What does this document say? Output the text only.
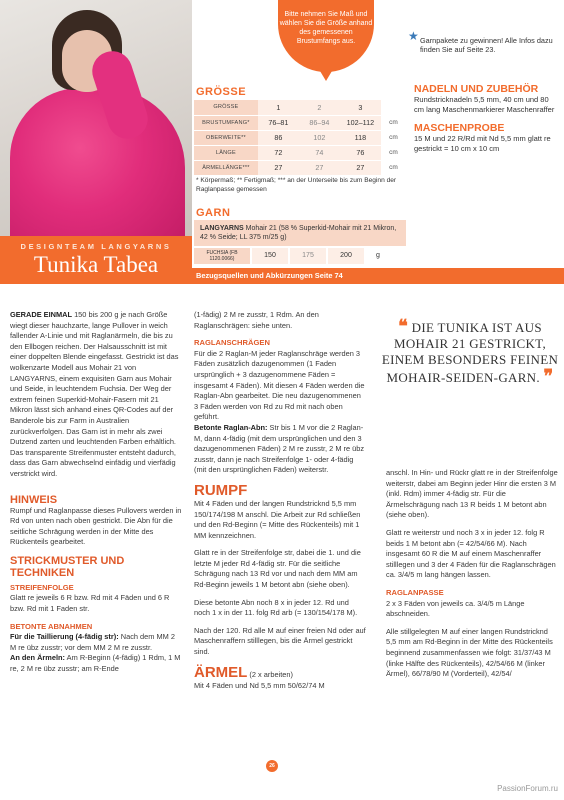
DESIGNTEAM LANGYARNS
Tunika Tabea
Bitte nehmen Sie Maß und wählen Sie die Größe anhand des gemessenen Brustumfangs aus.	★ Garnpakete zu gewinnen! Alle Infos dazu finden Sie auf Seite 23.
GRÖSSE
GRÖSSE	1	2	3	
BRUSTUMFANG*	76–81	86–94	102–112	cm
OBERWEITE**	86	102	118	cm
LÄNGE	72	74	76	cm
ÄRMELLÄNGE***	27	27	27	cm
* Körpermaß; ** Fertigmaß; *** an der Unterseite bis zum Beginn der Raglanpasse gemessen
GARN
LANGYARNS Mohair 21 (58 % Superkid-Mohair mit 21 Mikron, 42 % Seide; LL 375 m/25 g)
FUCHSIA (FB 1120.0066)	150	175	200	g
NADELN UND ZUBEHÖR
Rundstricknadeln 5,5 mm, 40 cm und 80 cm lang Maschenmarkierer Maschenraffer
MASCHENPROBE
15 M und 22 R/Rd mit Nd 5,5 mm glatt re gestrickt = 10 cm x 10 cm
Bezugsquellen und Abkürzungen Seite 74

GERADE EINMAL 150 bis 200 g je nach Größe wiegt dieser hauchzarte, lange Pullover in weich fallender A-Linie und mit Raglanärmeln, die bis zu den Ellbogen reichen. Der Halsausschnitt ist mit einer doppelten Blende eingefasst. Gestrickt ist das wolkenzarte Modell aus Mohair 21 von LANGYARNS, einem exquisiten Garn aus Mohair und Seide, in leuchtendem Fuchsia. Der Weg der extrem feinen Superkid-Mohair-Fasern mit 21 Mikron lässt sich anhand eines QR-Codes auf der Banderole bis zur Farm in Australien zurückverfolgen. Das Garn ist in mehr als zwei Dutzend zarten und leuchtenden Farben erhältlich. Das transparente Streifenmuster entsteht dadurch, dass das Garn abwechselnd einfädig und vierfädig verstrickt wird.

HINWEIS

Rumpf und Raglanpasse dieses Pullovers werden in Rd von unten nach oben gestrickt. Die Abn für die seitliche Schrägung werden in der Mitte des Rückenteils gearbeitet.

STRICKMUSTER UND TECHNIKEN
STREIFENFOLGE

Glatt re jeweils 6 R bzw. Rd mit 4 Fäden und 6 R bzw. Rd mit 1 Faden str.

BETONTE ABNAHMEN
Für die Taillierung (4-fädig str): Nach dem MM 2 M re übz zusstr; vor dem MM 2 M re zusstr.
An den Ärmeln: Am R-Beginn (4-fädig) 1 Rdm, 1 M re, 2 M re übz zusstr; am R-Ende

(1-fädig) 2 M re zusstr, 1 Rdm. An den Raglanschrägen: siehe unten.

RAGLANSCHRÄGEN
Für die 2 Raglan-M jeder Raglanschräge werden 3 Fäden zusätzlich dazugenommen (1 Faden ursprünglich + 3 dazugenommene Fäden = insgesamt 4 Fäden). Mit diesen 4 Fäden werden die Raglan-Abn gearbeitet. Die neu dazugenommenen 3 Fäden werden von Rd zu Rd mit nach oben geführt.

Betonte Raglan-Abn: Str bis 1 M vor die 2 Raglan-M, dann 4-fädig (mit dem ursprünglichen und den 3 dazugenommenen Fäden) 2 M re zusstr, 2 M re übz zusstr, dann je nach Streifenfolge 1- oder 4-fädig (mit den ursprünglichen Fäden) weiterstr.

RUMPF

Mit 4 Fäden und der langen Rundstricknd 5,5 mm 150/174/198 M anschl. Die Arbeit zur Rd schließen und den Rd-Beginn (= Mitte des Rückenteils) mit 1 MM kennzeichnen.

Glatt re in der Streifenfolge str, dabei die 1. und die letzte M jeder Rd 4-fädig str. Für die seitliche Schrägung nach 13 Rd vor und nach dem MM am Rd-Beginn jeweils 1 M betont abn (siehe oben).

Diese betonte Abn noch 8 x in jeder 12. Rd und noch 1 x in der 11. folg Rd arb (= 130/154/178 M).

Nach der 120. Rd alle M auf einer freien Nd oder auf Maschenraffern stilllegen, bis die Ärmel gestrickt sind.

ÄRMEL (2 x arbeiten)
Mit 4 Fäden und Nd 5,5 mm 50/62/74 M
❝ DIE TUNIKA IST AUS MOHAIR 21 GESTRICKT, EINEM BESONDERS FEINEN MOHAIR-SEIDEN-GARN. ❞

anschl. In Hin- und Rückr glatt re in der Streifenfolge weiterstr, dabei am Beginn jeder Hinr die ersten 3 M (inkl. Rdm) immer 4-fädig str. Für die Ärmelschrägung nach 13 R beids 1 M betont abn (siehe oben).

Glatt re weiterstr und noch 3 x in jeder 12. folg R beids 1 M betont abn (= 42/54/66 M). Nach insgesamt 60 R die M auf einem Maschenraffer stilllegen und 3 der 4 Fäden für die Raglanschrägen ca. 3/4/5 m lang hängen lassen.

RAGLANPASSE

2 x 3 Fäden von jeweils ca. 3/4/5 m Länge abschneiden.

Alle stillgelegten M auf einer langen Rundstricknd 5,5 mm am Rd-Beginn in der Mitte des Rückenteils beginnend zusammenfassen wie folgt: 31/37/43 M (linke Hälfte des Rückenteils), 42/54/66 M (linker Ärmel), 66/78/90 M (Vorderteil), 42/54/

26
PassionForum.ru
